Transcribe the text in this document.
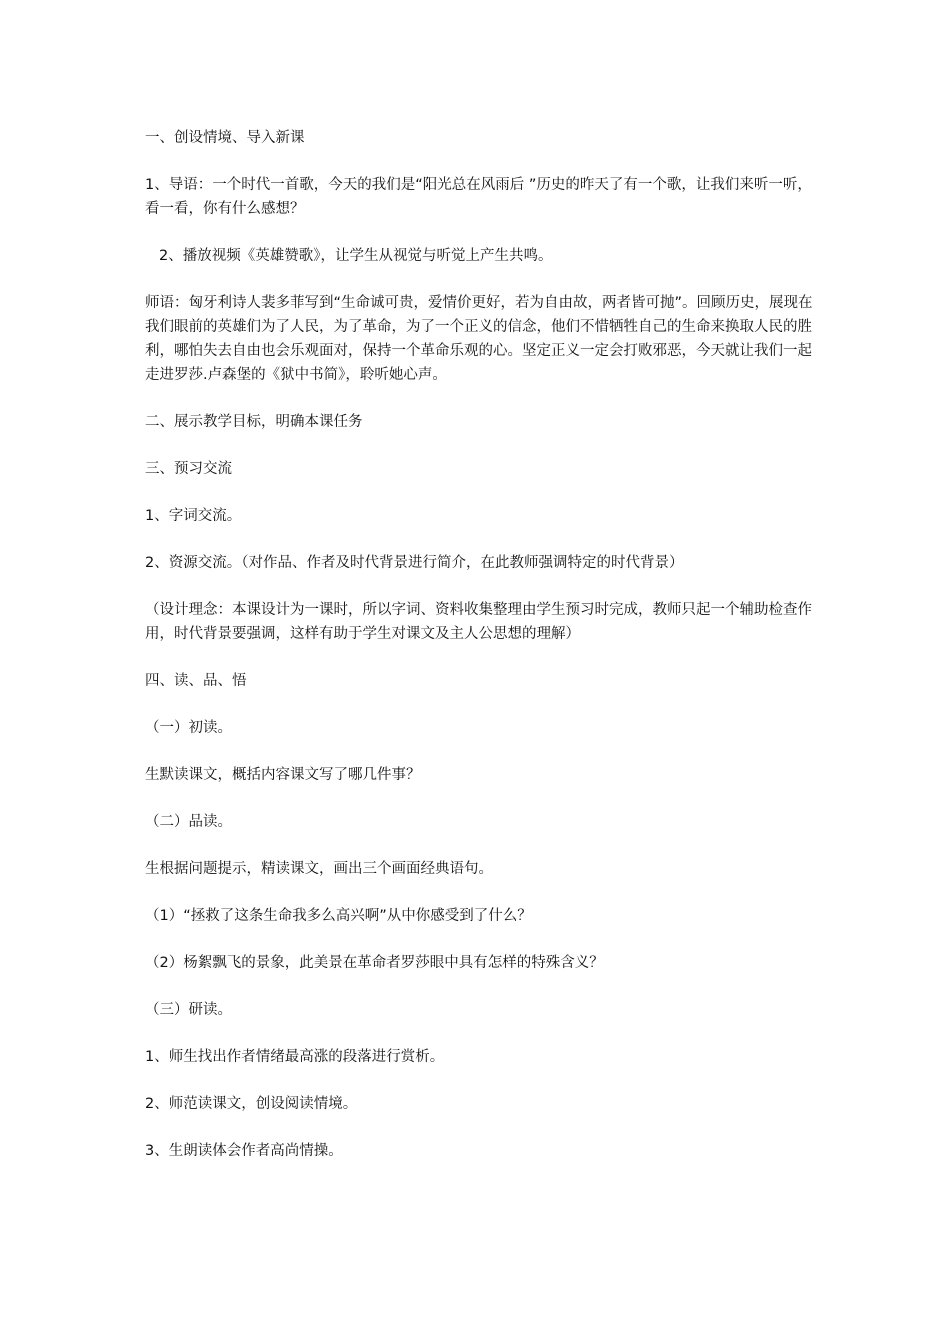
一、创设情境、导入新课

1、导语：一个时代一首歌，今天的我们是“阳光总在风雨后 ”历史的昨天了有一个歌，让我们来听一听，看一看，你有什么感想？

2、播放视频《英雄赞歌》，让学生从视觉与听觉上产生共鸣。

师语：匈牙利诗人裴多菲写到“生命诚可贵，爱情价更好，若为自由故，两者皆可抛”。回顾历史，展现在我们眼前的英雄们为了人民，为了革命，为了一个正义的信念，他们不惜牺牲自己的生命来换取人民的胜利，哪怕失去自由也会乐观面对，保持一个革命乐观的心。坚定正义一定会打败邪恶，今天就让我们一起走进罗莎.卢森堡的《狱中书简》，聆听她心声。

二、展示教学目标，明确本课任务

三、预习交流

1、字词交流。

2、资源交流。（对作品、作者及时代背景进行简介，在此教师强调特定的时代背景）

（设计理念：本课设计为一课时，所以字词、资料收集整理由学生预习时完成，教师只起一个辅助检查作用，时代背景要强调，这样有助于学生对课文及主人公思想的理解）

四、读、品、悟

（一）初读。

生默读课文，概括内容课文写了哪几件事？

（二）品读。

生根据问题提示，精读课文，画出三个画面经典语句。

（1）“拯救了这条生命我多么高兴啊”从中你感受到了什么？

（2）杨絮飘飞的景象，此美景在革命者罗莎眼中具有怎样的特殊含义？

（三）研读。

1、师生找出作者情绪最高涨的段落进行赏析。

2、师范读课文，创设阅读情境。

3、生朗读体会作者高尚情操。
